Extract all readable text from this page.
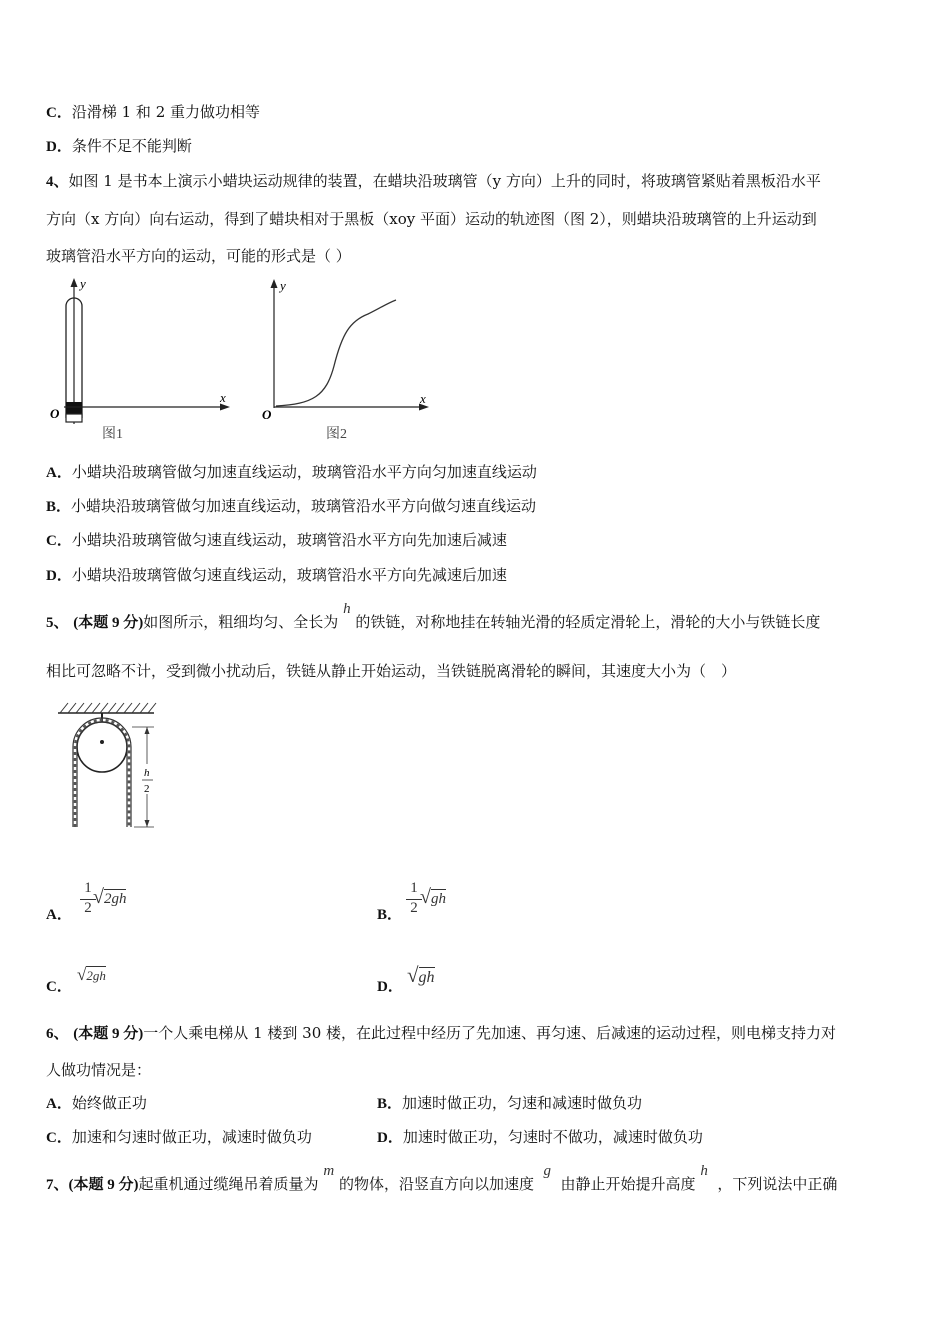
C．沿滑梯 1 和 2 重力做功相等
D．条件不足不能判断
4、如图 1 是书本上演示小蜡块运动规律的装置，在蜡块沿玻璃管（y 方向）上升的同时，将玻璃管紧贴着黑板沿水平
方向（x 方向）向右运动，得到了蜡块相对于黑板（xoy 平面）运动的轨迹图（图 2），则蜡块沿玻璃管的上升运动到
玻璃管沿水平方向的运动，可能的形式是（ ）
y
x
O
图1
y
x
O
图2
A．小蜡块沿玻璃管做匀加速直线运动，玻璃管沿水平方向匀加速直线运动
B．小蜡块沿玻璃管做匀加速直线运动，玻璃管沿水平方向做匀速直线运动
C．小蜡块沿玻璃管做匀速直线运动，玻璃管沿水平方向先加速后减速
D．小蜡块沿玻璃管做匀速直线运动，玻璃管沿水平方向先减速后加速
5、 (本题 9 分)如图所示，粗细均匀、全长为 h 的铁链，对称地挂在转轴光滑的轻质定滑轮上，滑轮的大小与铁链长度
相比可忽略不计，受到微小扰动后，铁链从静止开始运动，当铁链脱离滑轮的瞬间，其速度大小为（　）
h
2
A．
1
2 √2gh
B．
1
2 √gh
C．
√2gh
D． √gh
6、 (本题 9 分)一个人乘电梯从 1 楼到 30 楼，在此过程中经历了先加速、再匀速、后减速的运动过程，则电梯支持力对
人做功情况是：
A．始终做正功	B．加速时做正功，匀速和减速时做负功
C．加速和匀速时做正功，减速时做负功	D．加速时做正功，匀速时不做功，减速时做负功
7、(本题 9 分)起重机通过缆绳吊着质量为 m 的物体，沿竖直方向以加速度  g  由静止开始提升高度 h  ，下列说法中正确
